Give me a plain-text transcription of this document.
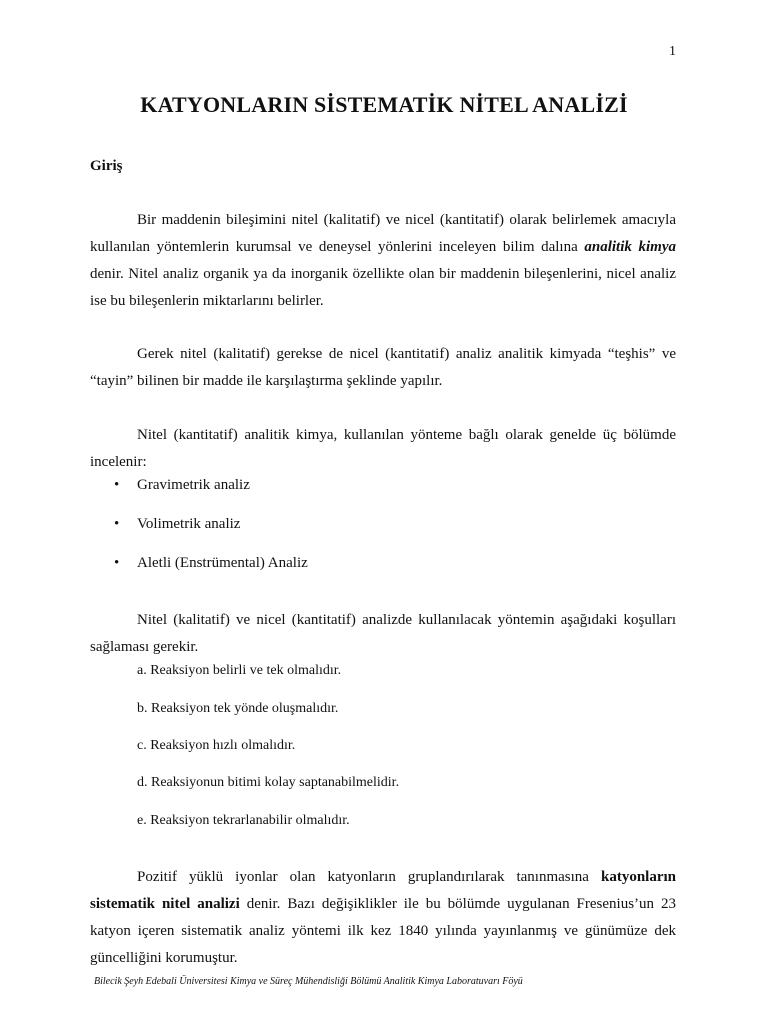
1
KATYONLARIN SİSTEMATİK NİTEL ANALİZİ
Giriş

Bir maddenin bileşimini nitel (kalitatif) ve nicel (kantitatif) olarak belirlemek amacıyla kullanılan yöntemlerin kurumsal ve deneysel yönlerini inceleyen bilim dalına analitik kimya denir. Nitel analiz organik ya da inorganik özellikte olan bir maddenin bileşenlerini, nicel analiz ise bu bileşenlerin miktarlarını belirler.

Gerek nitel (kalitatif) gerekse de nicel (kantitatif) analiz analitik kimyada “teşhis” ve “tayin” bilinen bir madde ile karşılaştırma şeklinde yapılır.

Nitel (kantitatif) analitik kimya, kullanılan yönteme bağlı olarak genelde üç bölümde incelenir:

• Gravimetrik analiz
• Volimetrik analiz
• Aletli (Enstrümental) Analiz

Nitel (kalitatif) ve nicel (kantitatif) analizde kullanılacak yöntemin aşağıdaki koşulları sağlaması gerekir.

a. Reaksiyon belirli ve tek olmalıdır.
b. Reaksiyon tek yönde oluşmalıdır.
c. Reaksiyon hızlı olmalıdır.
d. Reaksiyonun bitimi kolay saptanabilmelidir.
e. Reaksiyon tekrarlanabilir olmalıdır.

Pozitif yüklü iyonlar olan katyonların gruplandırılarak tanınmasına katyonların sistematik nitel analizi denir. Bazı değişiklikler ile bu bölümde uygulanan Fresenius’un 23 katyon içeren sistematik analiz yöntemi ilk kez 1840 yılında yayınlanmış ve günümüze dek güncelliğini korumuştur.

Bilecik Şeyh Edebali Üniversitesi Kimya ve Süreç Mühendisliği Bölümü Analitik Kimya Laboratuvarı Föyü
